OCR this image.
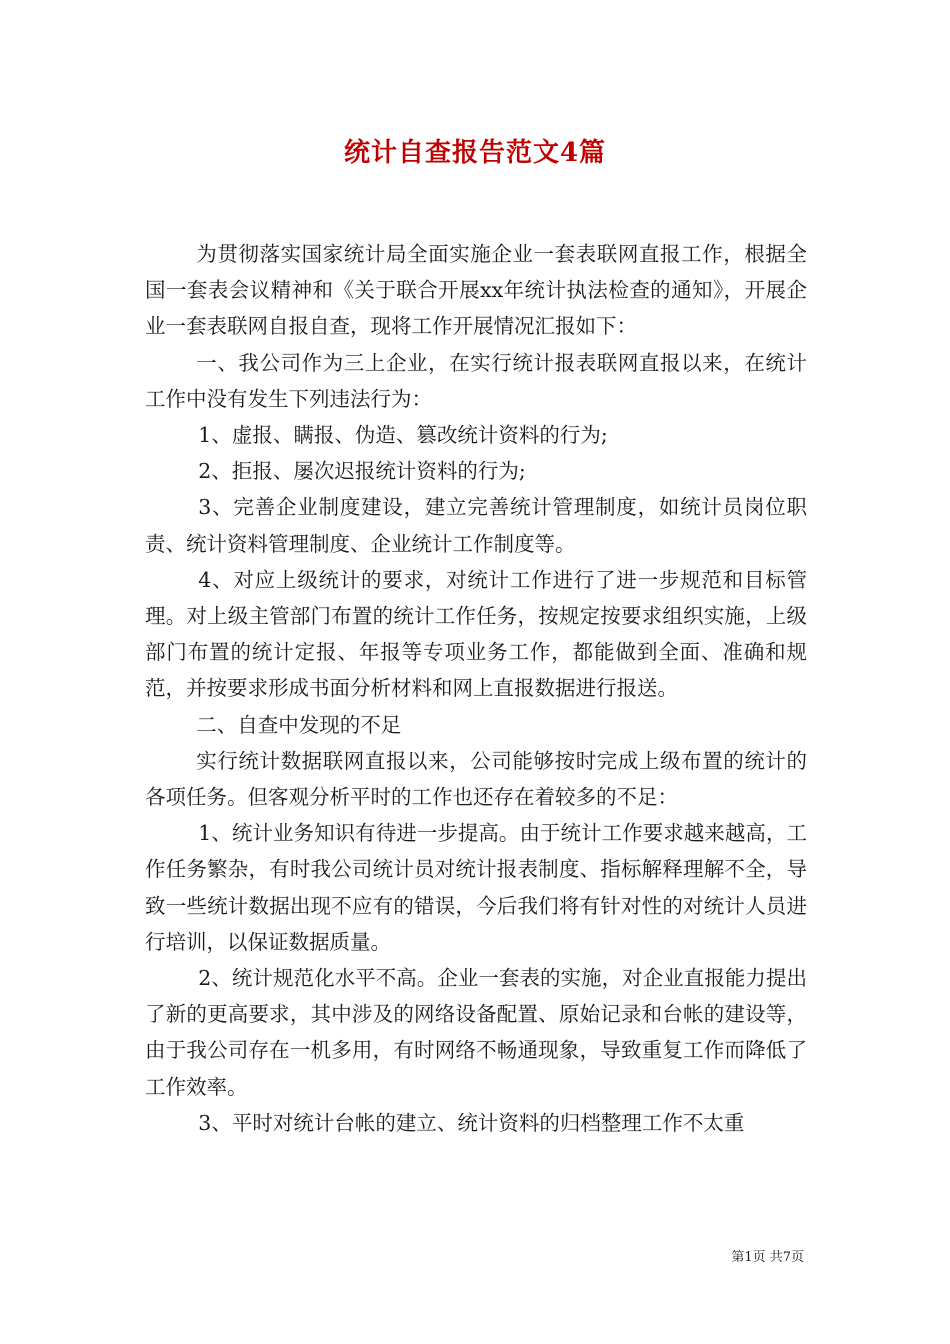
统计自查报告范文4篇

为贯彻落实国家统计局全面实施企业一套表联网直报工作，根据全国一套表会议精神和《关于联合开展xx年统计执法检查的通知》，开展企业一套表联网自报自查，现将工作开展情况汇报如下：

一、我公司作为三上企业，在实行统计报表联网直报以来，在统计工作中没有发生下列违法行为：

1、虚报、瞒报、伪造、篡改统计资料的行为;

2、拒报、屡次迟报统计资料的行为;

3、完善企业制度建设，建立完善统计管理制度，如统计员岗位职责、统计资料管理制度、企业统计工作制度等。

4、对应上级统计的要求，对统计工作进行了进一步规范和目标管理。对上级主管部门布置的统计工作任务，按规定按要求组织实施，上级部门布置的统计定报、年报等专项业务工作，都能做到全面、准确和规范，并按要求形成书面分析材料和网上直报数据进行报送。

二、自查中发现的不足

实行统计数据联网直报以来，公司能够按时完成上级布置的统计的各项任务。但客观分析平时的工作也还存在着较多的不足：

1、统计业务知识有待进一步提高。由于统计工作要求越来越高，工作任务繁杂，有时我公司统计员对统计报表制度、指标解释理解不全，导致一些统计数据出现不应有的错误，今后我们将有针对性的对统计人员进行培训，以保证数据质量。

2、统计规范化水平不高。企业一套表的实施，对企业直报能力提出了新的更高要求，其中涉及的网络设备配置、原始记录和台帐的建设等，由于我公司存在一机多用，有时网络不畅通现象，导致重复工作而降低了工作效率。

3、平时对统计台帐的建立、统计资料的归档整理工作不太重

第1页 共7页
